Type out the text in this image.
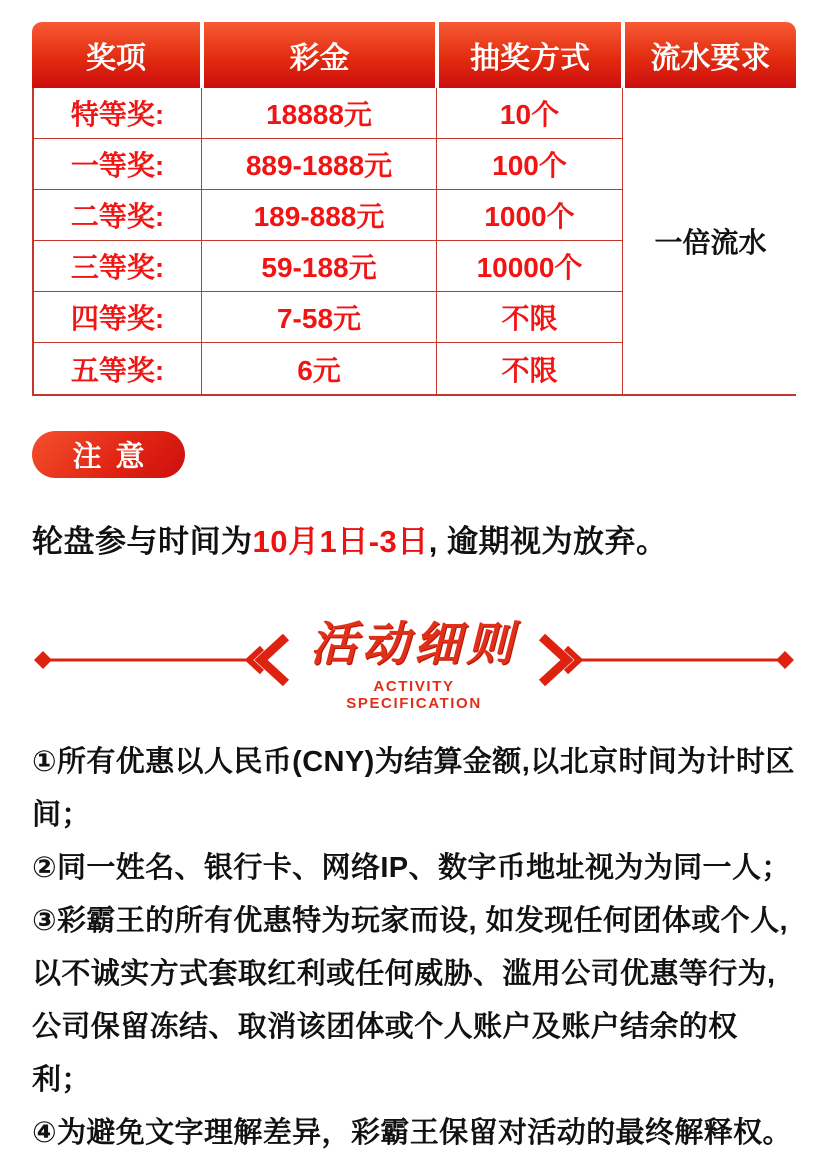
奖项	彩金	抽奖方式	流水要求
一倍流水
特等奖:	18888元	10个
一等奖:	889-1888元	100个
二等奖:	189-888元	1000个
三等奖:	59-188元	10000个
四等奖:	7-58元	不限
五等奖:	6元	不限
注意
轮盘参与时间为10月1日-3日, 逾期视为放弃。
活动细则
ACTIVITY SPECIFICATION

①所有优惠以人民币(CNY)为结算金额,以北京时间为计时区间；

②同一姓名、银行卡、网络IP、数字币地址视为为同一人；

③彩霸王的所有优惠特为玩家而设, 如发现任何团体或个人, 以不诚实方式套取红利或任何威胁、滥用公司优惠等行为, 公司保留冻结、取消该团体或个人账户及账户结余的权利；

④为避免文字理解差异，彩霸王保留对活动的最终解释权。
